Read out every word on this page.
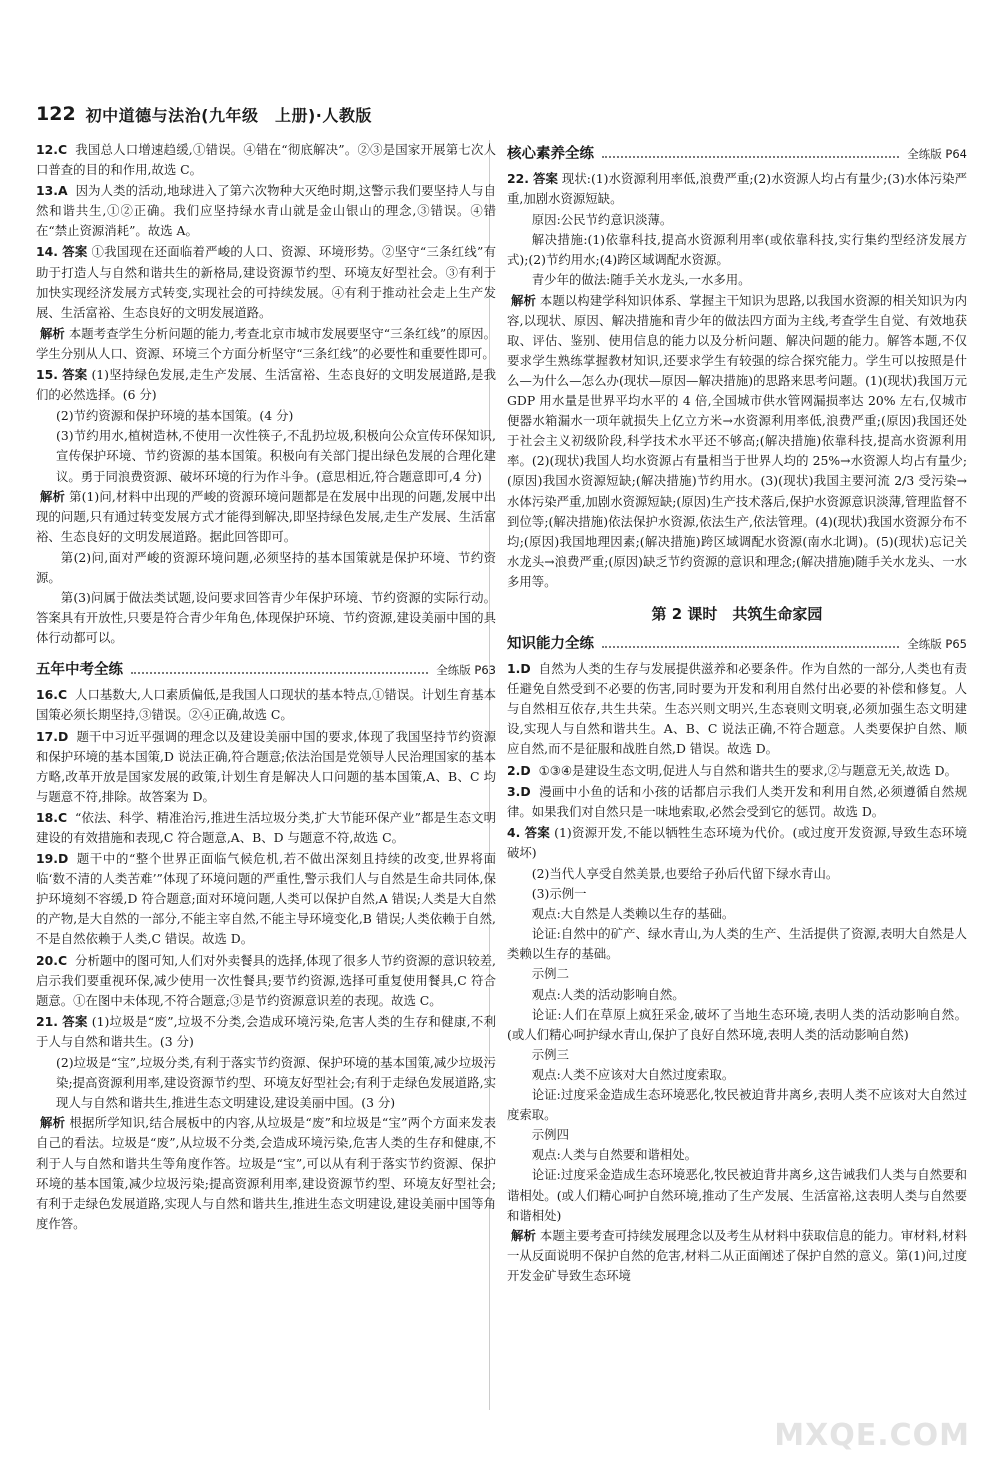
122 初中道德与法治(九年级　上册)·人教版

12.C 我国总人口增速趋缓,①错误。④错在“彻底解决”。②③是国家开展第七次人口普查的目的和作用,故选 C。

13.A 因为人类的活动,地球进入了第六次物种大灭绝时期,这警示我们要坚持人与自然和谐共生,①②正确。我们应坚持绿水青山就是金山银山的理念,③错误。④错在“禁止资源消耗”。故选 A。

14. 答案 ①我国现在还面临着严峻的人口、资源、环境形势。②坚守“三条红线”有助于打造人与自然和谐共生的新格局,建设资源节约型、环境友好型社会。③有利于加快实现经济发展方式转变,实现社会的可持续发展。④有利于推动社会走上生产发展、生活富裕、生态良好的文明发展道路。

解析 本题考查学生分析问题的能力,考查北京市城市发展要坚守“三条红线”的原因。学生分别从人口、资源、环境三个方面分析坚守“三条红线”的必要性和重要性即可。

15. 答案 (1)坚持绿色发展,走生产发展、生活富裕、生态良好的文明发展道路,是我们的必然选择。(6 分)

(2)节约资源和保护环境的基本国策。(4 分)

(3)节约用水,植树造林,不使用一次性筷子,不乱扔垃圾,积极向公众宣传环保知识,宣传保护环境、节约资源的基本国策。积极向有关部门提出绿色发展的合理化建议。勇于同浪费资源、破坏环境的行为作斗争。(意思相近,符合题意即可,4 分)

解析 第(1)问,材料中出现的严峻的资源环境问题都是在发展中出现的问题,发展中出现的问题,只有通过转变发展方式才能得到解决,即坚持绿色发展,走生产发展、生活富裕、生态良好的文明发展道路。据此回答即可。

第(2)问,面对严峻的资源环境问题,必须坚持的基本国策就是保护环境、节约资源。

第(3)问属于做法类试题,设问要求回答青少年保护环境、节约资源的实际行动。答案具有开放性,只要是符合青少年角色,体现保护环境、节约资源,建设美丽中国的具体行动都可以。

五年中考全练	全练版 P63

16.C 人口基数大,人口素质偏低,是我国人口现状的基本特点,①错误。计划生育基本国策必须长期坚持,③错误。②④正确,故选 C。

17.D 题干中习近平强调的理念以及建设美丽中国的要求,体现了我国坚持节约资源和保护环境的基本国策,D 说法正确,符合题意;依法治国是党领导人民治理国家的基本方略,改革开放是国家发展的政策,计划生育是解决人口问题的基本国策,A、B、C 均与题意不符,排除。故答案为 D。

18.C “依法、科学、精准治污,推进生活垃圾分类,扩大节能环保产业”都是生态文明建设的有效措施和表现,C 符合题意,A、B、D 与题意不符,故选 C。

19.D 题干中的“整个世界正面临气候危机,若不做出深刻且持续的改变,世界将面临‘数不清的人类苦难’”体现了环境问题的严重性,警示我们人与自然是生命共同体,保护环境刻不容缓,D 符合题意;面对环境问题,人类可以保护自然,A 错误;人类是大自然的产物,是大自然的一部分,不能主宰自然,不能主导环境变化,B 错误;人类依赖于自然,不是自然依赖于人类,C 错误。故选 D。

20.C 分析题中的图可知,人们对外卖餐具的选择,体现了很多人节约资源的意识较差,启示我们要重视环保,减少使用一次性餐具;要节约资源,选择可重复使用餐具,C 符合题意。①在图中未体现,不符合题意;③是节约资源意识差的表现。故选 C。

21. 答案 (1)垃圾是“废”,垃圾不分类,会造成环境污染,危害人类的生存和健康,不利于人与自然和谐共生。(3 分)

(2)垃圾是“宝”,垃圾分类,有利于落实节约资源、保护环境的基本国策,减少垃圾污染;提高资源利用率,建设资源节约型、环境友好型社会;有利于走绿色发展道路,实现人与自然和谐共生,推进生态文明建设,建设美丽中国。(3 分)

解析 根据所学知识,结合展板中的内容,从垃圾是“废”和垃圾是“宝”两个方面来发表自己的看法。垃圾是“废”,从垃圾不分类,会造成环境污染,危害人类的生存和健康,不利于人与自然和谐共生等角度作答。垃圾是“宝”,可以从有利于落实节约资源、保护环境的基本国策,减少垃圾污染;提高资源利用率,建设资源节约型、环境友好型社会;有利于走绿色发展道路,实现人与自然和谐共生,推进生态文明建设,建设美丽中国等角度作答。

核心素养全练	全练版 P64

22. 答案 现状:(1)水资源利用率低,浪费严重;(2)水资源人均占有量少;(3)水体污染严重,加剧水资源短缺。

原因:公民节约意识淡薄。

解决措施:(1)依靠科技,提高水资源利用率(或依靠科技,实行集约型经济发展方式);(2)节约用水;(4)跨区域调配水资源。

青少年的做法:随手关水龙头,一水多用。

解析 本题以构建学科知识体系、掌握主干知识为思路,以我国水资源的相关知识为内容,以现状、原因、解决措施和青少年的做法四方面为主线,考查学生自觉、有效地获取、评估、鉴别、使用信息的能力以及分析问题、解决问题的能力。解答本题,不仅要求学生熟练掌握教材知识,还要求学生有较强的综合探究能力。学生可以按照是什么—为什么—怎么办(现状—原因—解决措施)的思路来思考问题。(1)(现状)我国万元 GDP 用水量是世界平均水平的 4 倍,全国城市供水管网漏损率达 20% 左右,仅城市便器水箱漏水一项年就损失上亿立方米→水资源利用率低,浪费严重;(原因)我国还处于社会主义初级阶段,科学技术水平还不够高;(解决措施)依靠科技,提高水资源利用率。(2)(现状)我国人均水资源占有量相当于世界人均的 25%→水资源人均占有量少;(原因)我国水资源短缺;(解决措施)节约用水。(3)(现状)我国主要河流 2/3 受污染→水体污染严重,加剧水资源短缺;(原因)生产技术落后,保护水资源意识淡薄,管理监督不到位等;(解决措施)依法保护水资源,依法生产,依法管理。(4)(现状)我国水资源分布不均;(原因)我国地理因素;(解决措施)跨区域调配水资源(南水北调)。(5)(现状)忘记关水龙头→浪费严重;(原因)缺乏节约资源的意识和理念;(解决措施)随手关水龙头、一水多用等。

第 2 课时　共筑生命家园
知识能力全练	全练版 P65

1.D 自然为人类的生存与发展提供滋养和必要条件。作为自然的一部分,人类也有责任避免自然受到不必要的伤害,同时要为开发和利用自然付出必要的补偿和修复。人与自然相互依存,共生共荣。生态兴则文明兴,生态衰则文明衰,必须加强生态文明建设,实现人与自然和谐共生。A、B、C 说法正确,不符合题意。人类要保护自然、顺应自然,而不是征服和战胜自然,D 错误。故选 D。

2.D ①③④是建设生态文明,促进人与自然和谐共生的要求,②与题意无关,故选 D。

3.D 漫画中小鱼的话和小孩的话都启示我们人类开发和利用自然,必须遵循自然规律。如果我们对自然只是一味地索取,必然会受到它的惩罚。故选 D。

4. 答案 (1)资源开发,不能以牺牲生态环境为代价。(或过度开发资源,导致生态环境破坏)

(2)当代人享受自然美景,也要给子孙后代留下绿水青山。

(3)示例一

观点:大自然是人类赖以生存的基础。

论证:自然中的矿产、绿水青山,为人类的生产、生活提供了资源,表明大自然是人类赖以生存的基础。

示例二

观点:人类的活动影响自然。

论证:人们在草原上疯狂采金,破坏了当地生态环境,表明人类的活动影响自然。(或人们精心呵护绿水青山,保护了良好自然环境,表明人类的活动影响自然)

示例三

观点:人类不应该对大自然过度索取。

论证:过度采金造成生态环境恶化,牧民被迫背井离乡,表明人类不应该对大自然过度索取。

示例四

观点:人类与自然要和谐相处。

论证:过度采金造成生态环境恶化,牧民被迫背井离乡,这告诫我们人类与自然要和谐相处。(或人们精心呵护自然环境,推动了生产发展、生活富裕,这表明人类与自然要和谐相处)

解析 本题主要考查可持续发展理念以及考生从材料中获取信息的能力。审材料,材料一从反面说明不保护自然的危害,材料二从正面阐述了保护自然的意义。第(1)问,过度开发金矿导致生态环境

MXQE.COM
